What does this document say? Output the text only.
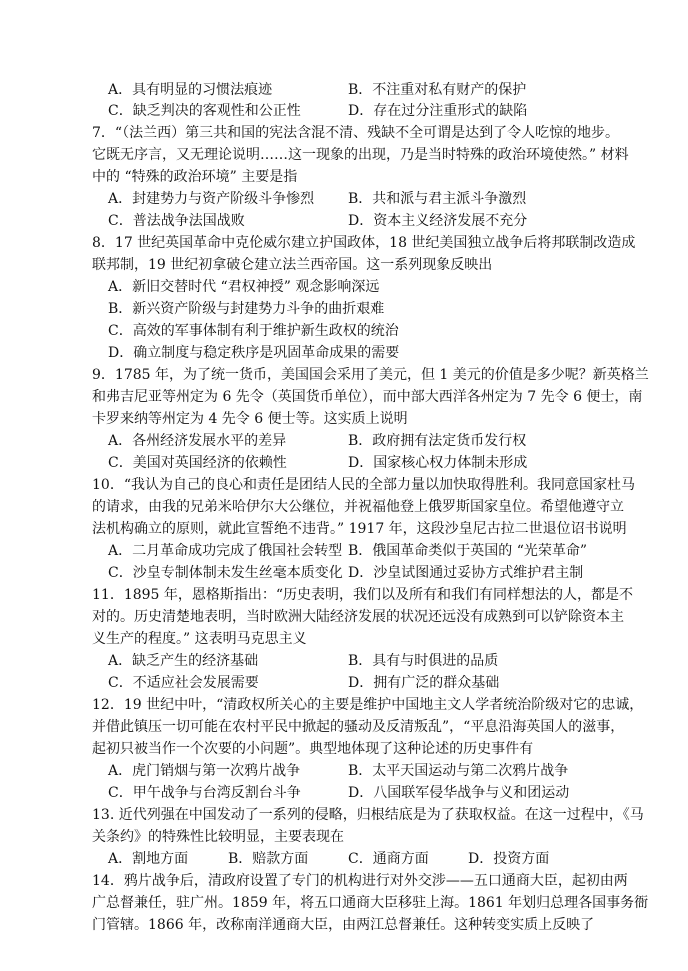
A．具有明显的习惯法痕迹	B．不注重对私有财产的保护
C．缺乏判决的客观性和公正性	D．存在过分注重形式的缺陷
7．“（法兰西）第三共和国的宪法含混不清、残缺不全可谓是达到了令人吃惊的地步。
它既无序言，又无理论说明……这一现象的出现，乃是当时特殊的政治环境使然。” 材料
中的 “特殊的政治环境” 主要是指
A．封建势力与资产阶级斗争惨烈 B．共和派与君主派斗争激烈
C．普法战争法国战败	D．资本主义经济发展不充分
8．17 世纪英国革命中克伦威尔建立护国政体，18 世纪美国独立战争后将邦联制改造成
联邦制，19 世纪初拿破仑建立法兰西帝国。这一系列现象反映出
A．新旧交替时代 “君权神授” 观念影响深远
B．新兴资产阶级与封建势力斗争的曲折艰难
C．高效的军事体制有利于维护新生政权的统治
D．确立制度与稳定秩序是巩固革命成果的需要
9．1785 年，为了统一货币，美国国会采用了美元，但 1 美元的价值是多少呢？新英格兰
和弗吉尼亚等州定为 6 先令（英国货币单位），而中部大西洋各州定为 7 先令 6 便士，南
卡罗来纳等州定为 4 先令 6 便士等。这实质上说明
A．各州经济发展水平的差异	B．政府拥有法定货币发行权
C．美国对英国经济的依赖性	D．国家核心权力体制未形成
10．“我认为自己的良心和责任是团结人民的全部力量以加快取得胜利。我同意国家杜马
的请求，由我的兄弟米哈伊尔大公继位，并祝福他登上俄罗斯国家皇位。希望他遵守立
法机构确立的原则，就此宣誓绝不违背。” 1917 年，这段沙皇尼古拉二世退位诏书说明
A．二月革命成功完成了俄国社会转型 B．俄国革命类似于英国的 “光荣革命”
C．沙皇专制体制未发生丝毫本质变化 D．沙皇试图通过妥协方式维护君主制
11．1895 年，恩格斯指出：“历史表明，我们以及所有和我们有同样想法的人，都是不
对的。历史清楚地表明，当时欧洲大陆经济发展的状况还远没有成熟到可以铲除资本主
义生产的程度。” 这表明马克思主义
A．缺乏产生的经济基础	B．具有与时俱进的品质
C．不适应社会发展需要	D．拥有广泛的群众基础
12．19 世纪中叶，“清政权所关心的主要是维护中国地主文人学者统治阶级对它的忠诚，
并借此镇压一切可能在农村平民中掀起的骚动及反清叛乱”，“平息沿海英国人的滋事，
起初只被当作一个次要的小问题”。典型地体现了这种论述的历史事件有
A．虎门销烟与第一次鸦片战争	B．太平天国运动与第二次鸦片战争
C．甲午战争与台湾反割台斗争	D．八国联军侵华战争与义和团运动
13. 近代列强在中国发动了一系列的侵略，归根结底是为了获取权益。在这一过程中，《马
关条约》的特殊性比较明显，主要表现在
A．割地方面	B．赔款方面	C．通商方面	D．投资方面
14．鸦片战争后，清政府设置了专门的机构进行对外交涉——五口通商大臣，起初由两
广总督兼任，驻广州。1859 年，将五口通商大臣移驻上海。1861 年划归总理各国事务衙
门管辖。1866 年，改称南洋通商大臣，由两江总督兼任。这种转变实质上反映了
